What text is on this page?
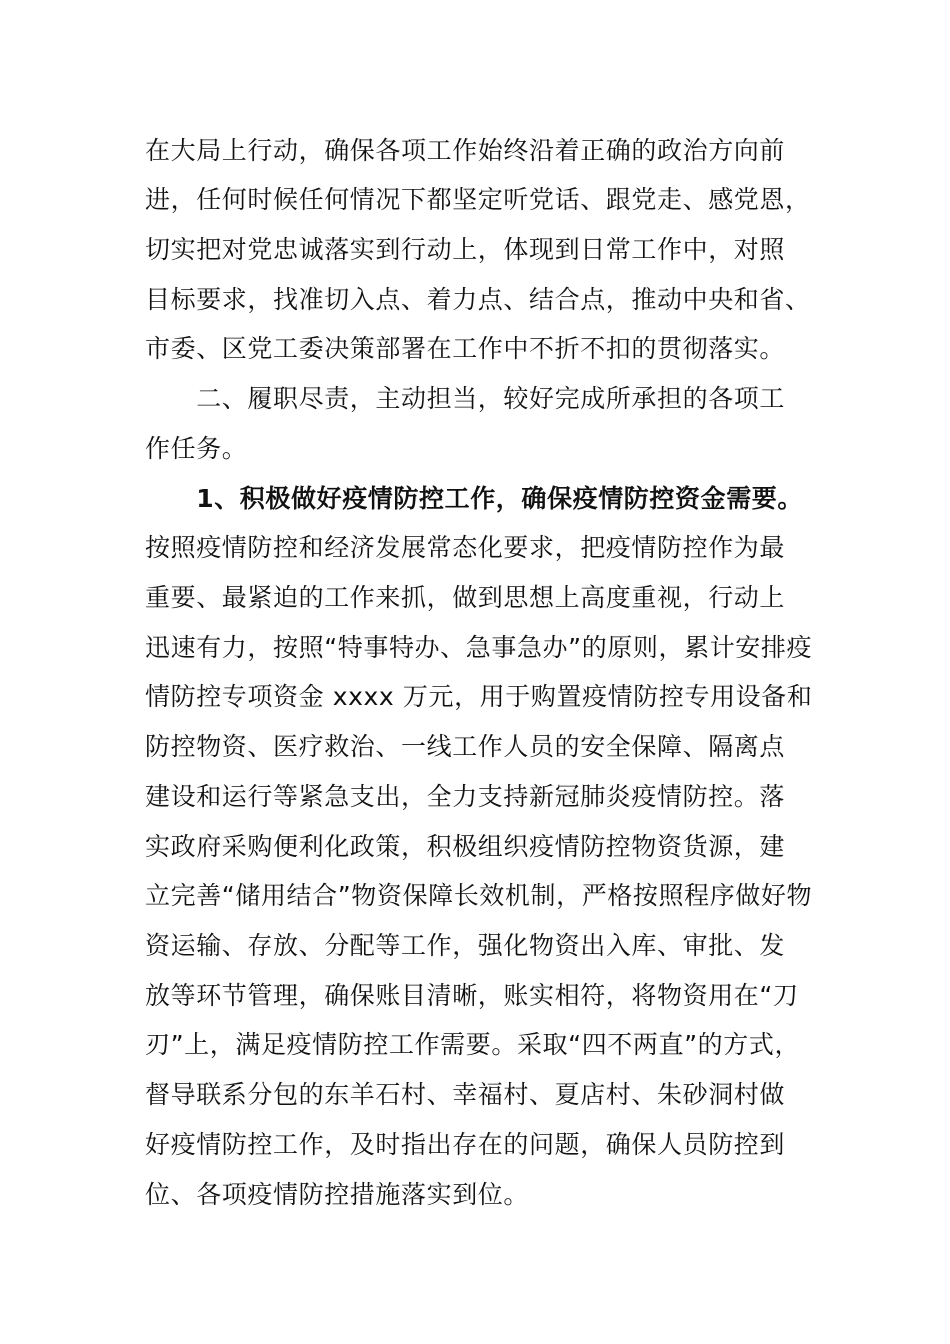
在大局上行动，确保各项工作始终沿着正确的政治方向前
进，任何时候任何情况下都坚定听党话、跟党走、感党恩，
切实把对党忠诚落实到行动上，体现到日常工作中，对照
目标要求，找准切入点、着力点、结合点，推动中央和省、
市委、区党工委决策部署在工作中不折不扣的贯彻落实。
　　二、履职尽责，主动担当，较好完成所承担的各项工
作任务。
　　1、积极做好疫情防控工作，确保疫情防控资金需要。
按照疫情防控和经济发展常态化要求，把疫情防控作为最
重要、最紧迫的工作来抓，做到思想上高度重视，行动上
迅速有力，按照“特事特办、急事急办”的原则，累计安排疫
情防控专项资金 xxxx 万元，用于购置疫情防控专用设备和
防控物资、医疗救治、一线工作人员的安全保障、隔离点
建设和运行等紧急支出，全力支持新冠肺炎疫情防控。落
实政府采购便利化政策，积极组织疫情防控物资货源，建
立完善“储用结合”物资保障长效机制，严格按照程序做好物
资运输、存放、分配等工作，强化物资出入库、审批、发
放等环节管理，确保账目清晰，账实相符，将物资用在“刀
刃”上，满足疫情防控工作需要。采取“四不两直”的方式，
督导联系分包的东羊石村、幸福村、夏店村、朱砂洞村做
好疫情防控工作，及时指出存在的问题，确保人员防控到
位、各项疫情防控措施落实到位。
